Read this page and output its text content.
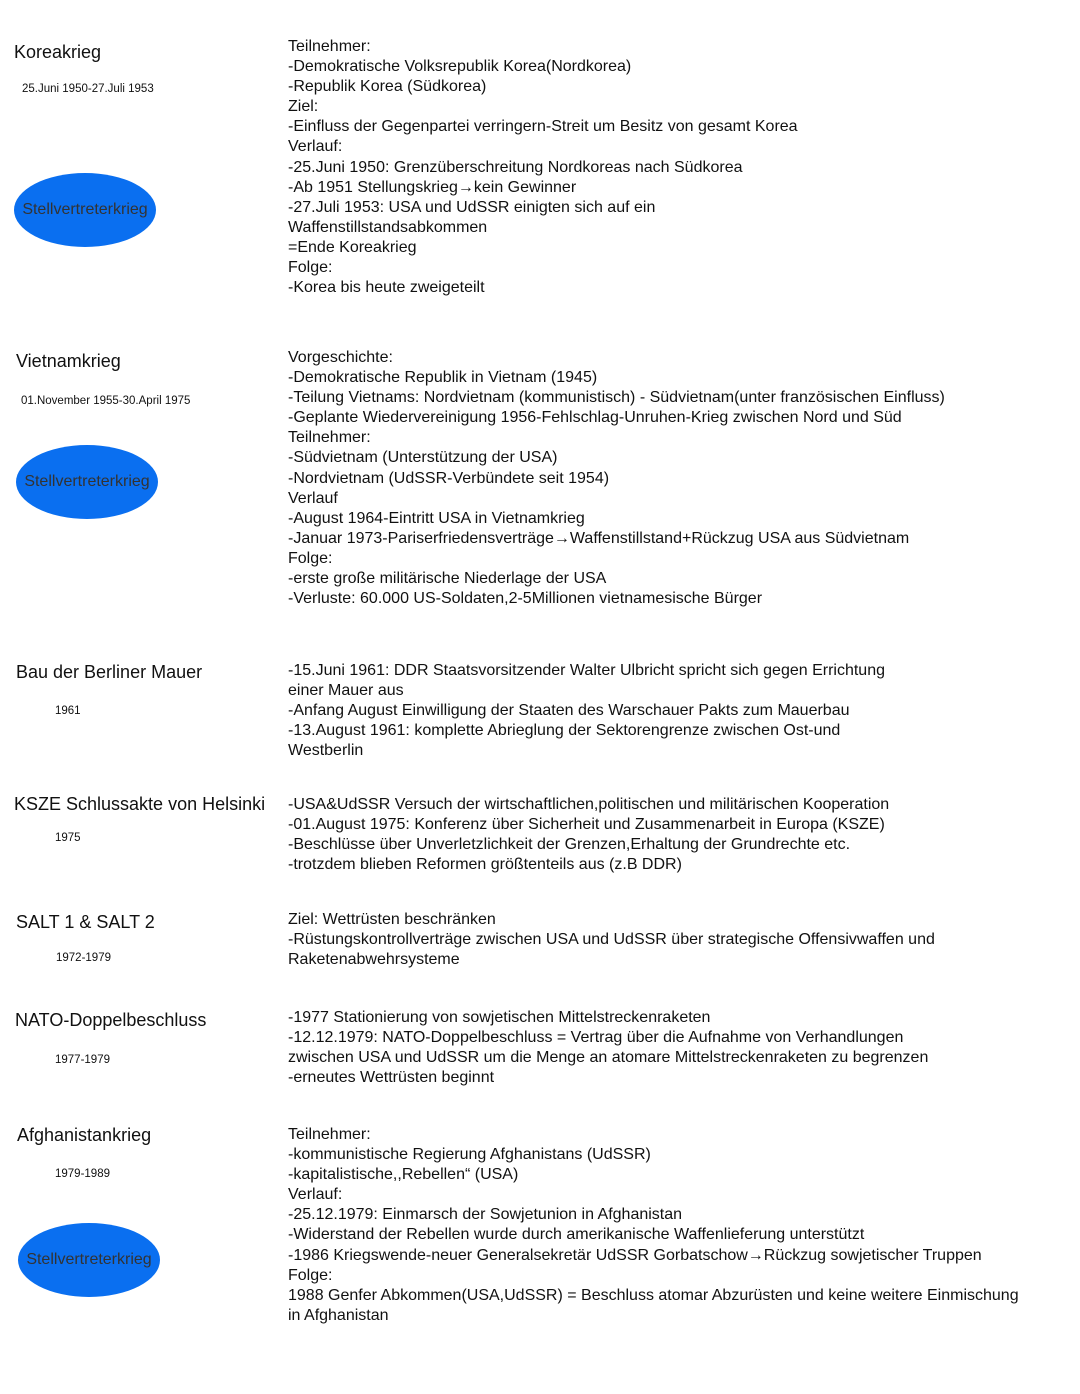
Koreakrieg
25.Juni 1950-27.Juli 1953
Stellvertreterkrieg
Teilnehmer:
-Demokratische Volksrepublik Korea(Nordkorea)
-Republik Korea (Südkorea)
Ziel:
-Einfluss der Gegenpartei verringern-Streit um Besitz von gesamt Korea
Verlauf:
-25.Juni 1950: Grenzüberschreitung Nordkoreas nach Südkorea
-Ab 1951 Stellungskrieg→kein Gewinner
-27.Juli 1953: USA und UdSSR einigten sich auf ein
Waffenstillstandsabkommen
=Ende Koreakrieg
Folge:
-Korea bis heute zweigeteilt
Vietnamkrieg
01.November 1955-30.April 1975
Stellvertreterkrieg
Vorgeschichte:
-Demokratische Republik in Vietnam (1945)
-Teilung Vietnams: Nordvietnam (kommunistisch) - Südvietnam(unter französischen Einfluss)
-Geplante Wiedervereinigung 1956-Fehlschlag-Unruhen-Krieg zwischen Nord und Süd
Teilnehmer:
-Südvietnam (Unterstützung der USA)
-Nordvietnam (UdSSR-Verbündete seit 1954)
Verlauf
-August 1964-Eintritt USA in Vietnamkrieg
-Januar 1973-Pariserfriedensverträge→Waffenstillstand+Rückzug USA aus Südvietnam
Folge:
-erste große militärische Niederlage der USA
-Verluste: 60.000 US-Soldaten,2-5Millionen vietnamesische Bürger
Bau der Berliner Mauer
1961
-15.Juni 1961: DDR Staatsvorsitzender Walter Ulbricht spricht sich gegen Errichtung
einer Mauer aus
-Anfang August Einwilligung der Staaten des Warschauer Pakts zum Mauerbau
-13.August 1961: komplette Abrieglung der Sektorengrenze zwischen Ost-und
Westberlin
KSZE Schlussakte von Helsinki
1975
-USA&UdSSR Versuch der wirtschaftlichen,politischen und militärischen Kooperation
-01.August 1975: Konferenz über Sicherheit und Zusammenarbeit in Europa (KSZE)
-Beschlüsse über Unverletzlichkeit der Grenzen,Erhaltung der Grundrechte etc.
-trotzdem blieben Reformen größtenteils aus (z.B DDR)
SALT 1 & SALT 2
1972-1979
Ziel: Wettrüsten beschränken
-Rüstungskontrollverträge zwischen USA und UdSSR über strategische Offensivwaffen und
Raketenabwehrsysteme
NATO-Doppelbeschluss
1977-1979
-1977 Stationierung von sowjetischen Mittelstreckenraketen
-12.12.1979: NATO-Doppelbeschluss = Vertrag über die Aufnahme von Verhandlungen
zwischen USA und UdSSR um die Menge an atomare Mittelstreckenraketen zu begrenzen
-erneutes Wettrüsten beginnt
Afghanistankrieg
1979-1989
Stellvertreterkrieg
Teilnehmer:
-kommunistische Regierung Afghanistans (UdSSR)
-kapitalistische,,Rebellen“ (USA)
Verlauf:
-25.12.1979: Einmarsch der Sowjetunion in Afghanistan
-Widerstand der Rebellen wurde durch amerikanische Waffenlieferung unterstützt
-1986 Kriegswende-neuer Generalsekretär UdSSR Gorbatschow→Rückzug sowjetischer Truppen
Folge:
1988 Genfer Abkommen(USA,UdSSR) = Beschluss atomar Abzurüsten und keine weitere Einmischung
in Afghanistan
